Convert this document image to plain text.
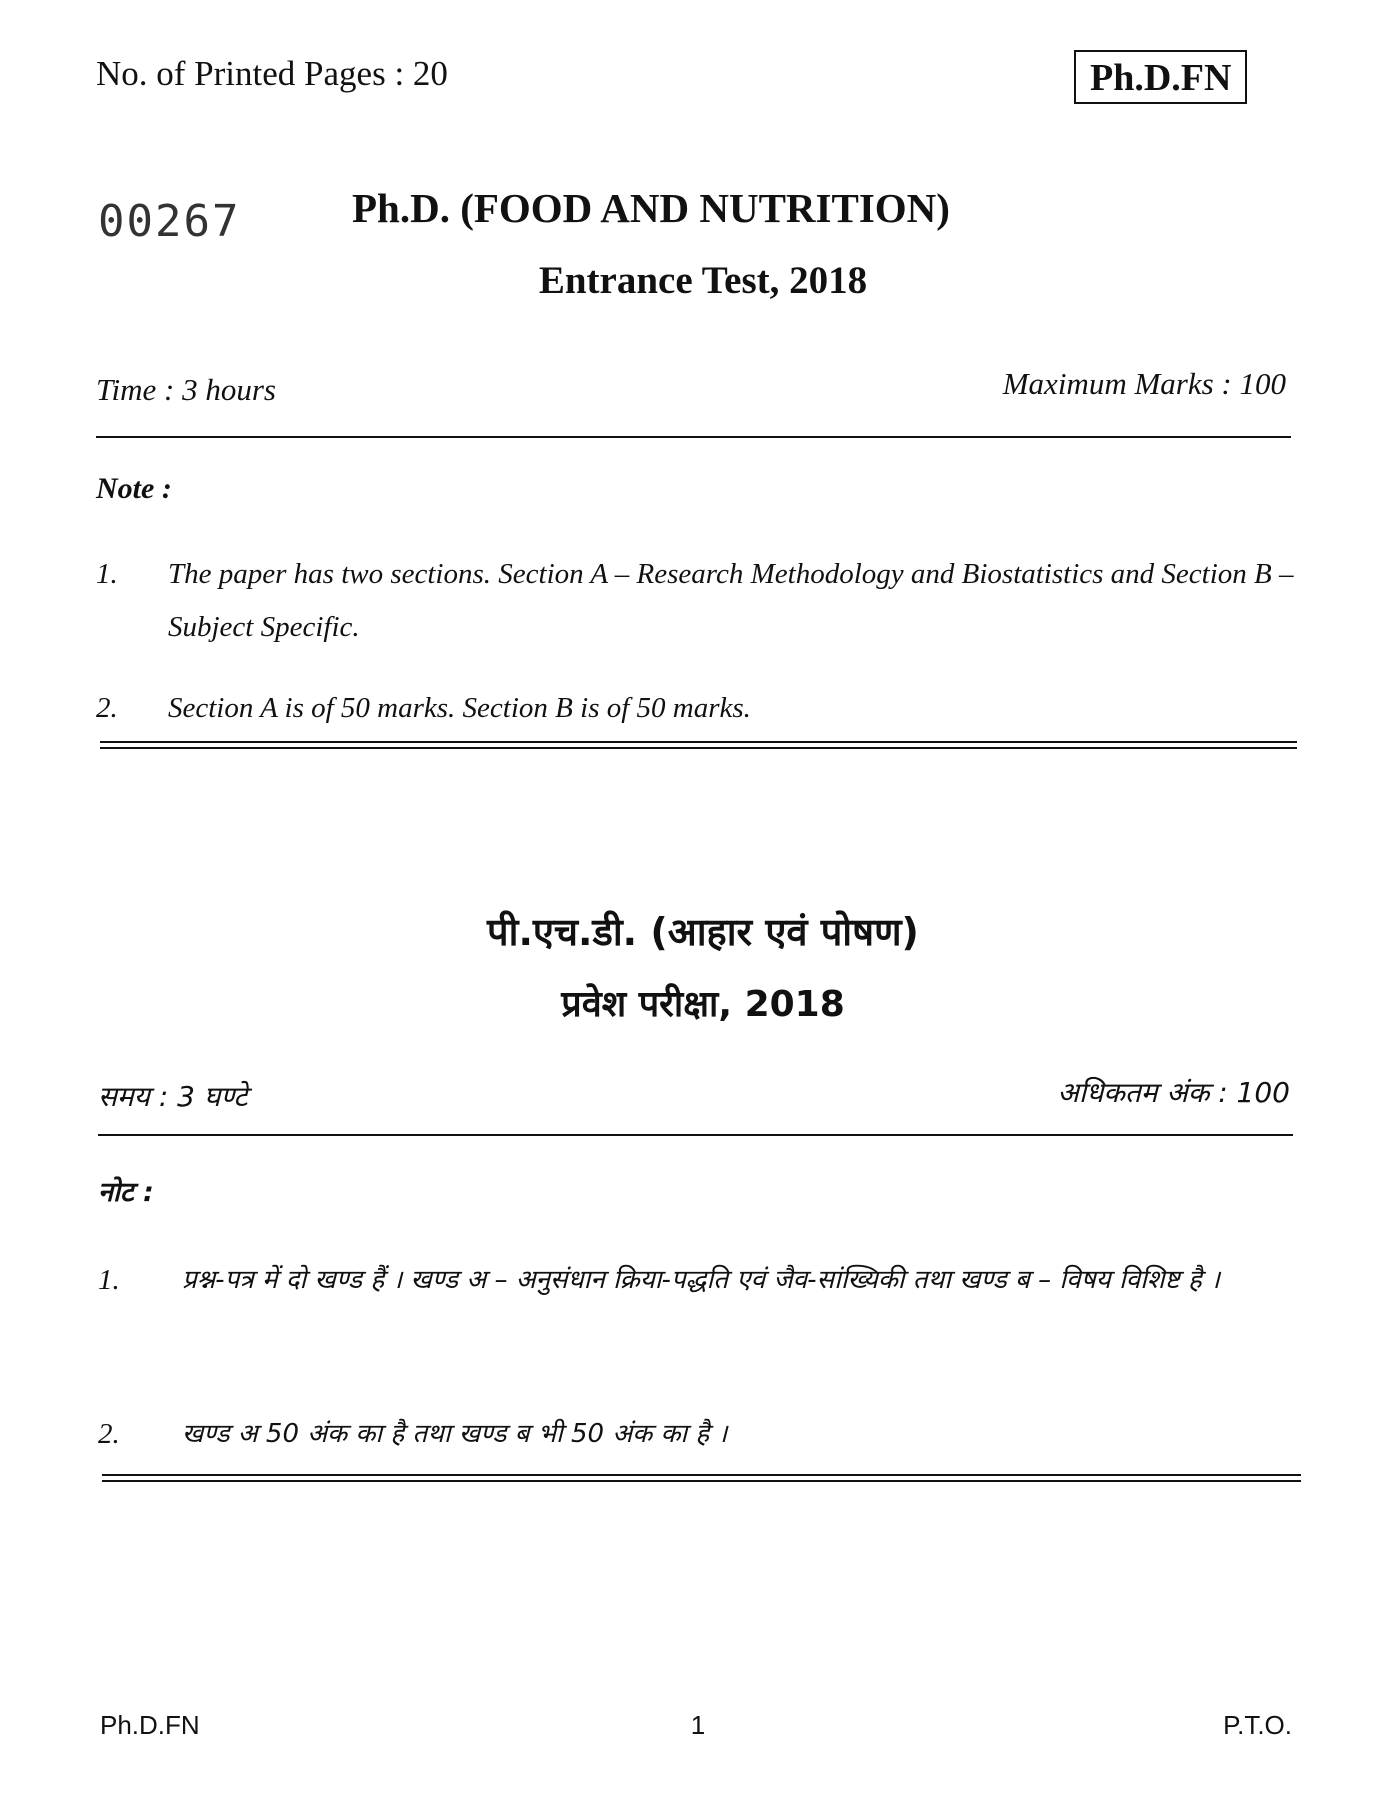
No. of Printed Pages : 20	Ph.D.FN
00267	Ph.D. (FOOD AND NUTRITION)
Entrance Test, 2018
Time : 3 hours	Maximum Marks : 100
Note :
1.	The paper has two sections. Section A – Research Methodology and Biostatistics and Section B – Subject Specific.
2.	Section A is of 50 marks. Section B is of 50 marks.
पी.एच.डी. (आहार एवं पोषण)
प्रवेश परीक्षा, 2018
समय : 3 घण्टे	अधिकतम अंक : 100
नोट :
1.	प्रश्न-पत्र में दो खण्ड हैं । खण्ड अ – अनुसंधान क्रिया-पद्धति एवं जैव-सांख्यिकी तथा खण्ड ब – विषय विशिष्ट है ।
2.	खण्ड अ 50 अंक का है तथा खण्ड ब भी 50 अंक का है ।
Ph.D.FN	1	P.T.O.
